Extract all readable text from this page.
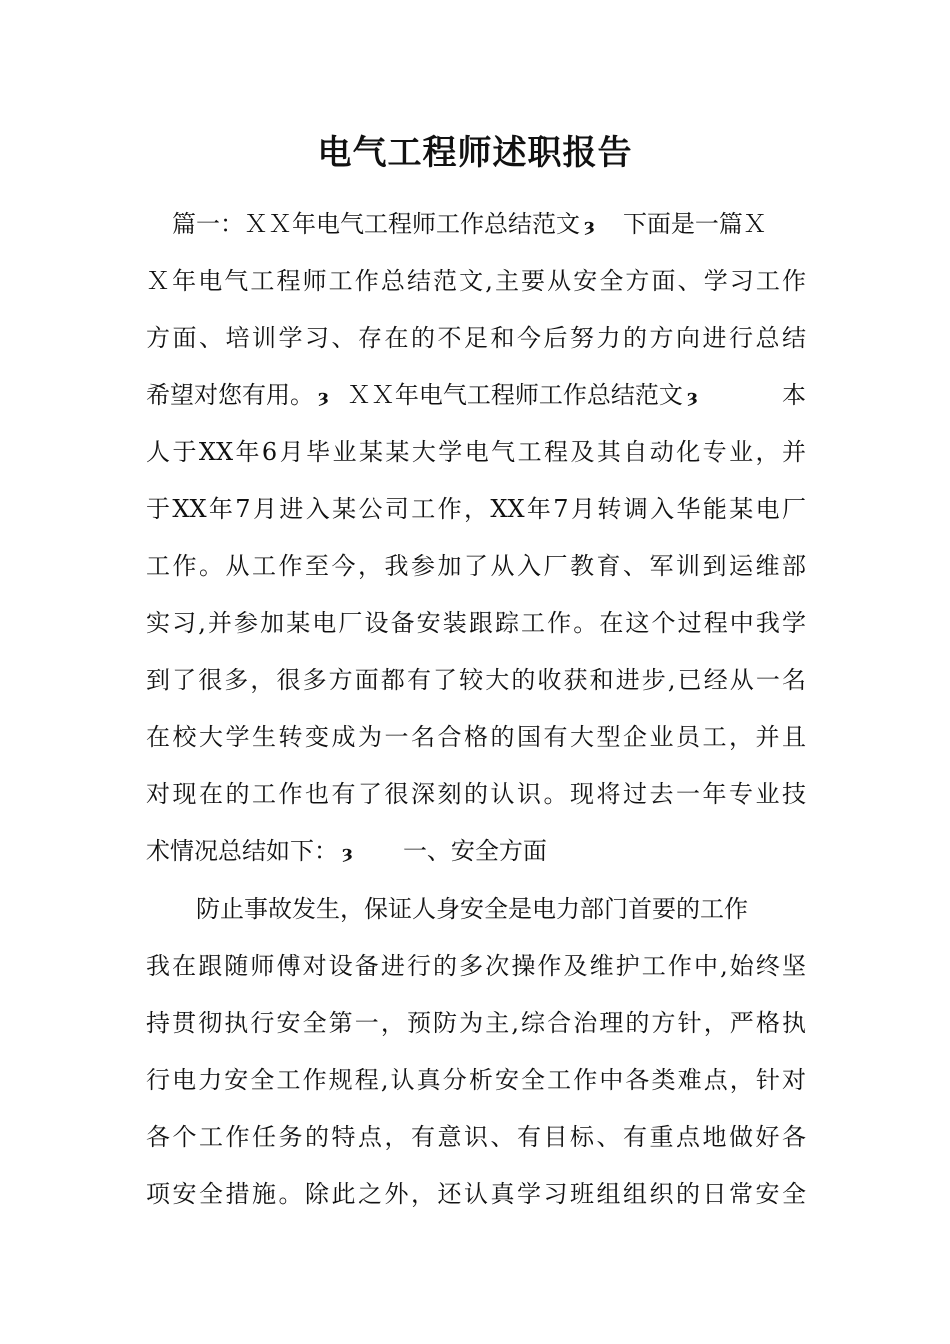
电气工程师述职报告
篇一：ＸＸ年电气工程师工作总结范文 ȝ 下面是一篇Ｘ
Ｘ年电气工程师工作总结范文,主要从安全方面、学习工作
方面、培训学习、存在的不足和今后努力的方向进行总结
希望对您有用。 ȝ ＸＸ年电气工程师工作总结范文 ȝ	本
人于XX年6月毕业某某大学电气工程及其自动化专业，并
于XX年7月进入某公司工作，XX年7月转调入华能某电厂
工作。从工作至今，我参加了从入厂教育、军训到运维部
实习,并参加某电厂设备安装跟踪工作。在这个过程中我学
到了很多，很多方面都有了较大的收获和进步,已经从一名
在校大学生转变成为一名合格的国有大型企业员工，并且
对现在的工作也有了很深刻的认识。现将过去一年专业技
术情况总结如下： ȝ 一、安全方面
防止事故发生，保证人身安全是电力部门首要的工作
我在跟随师傅对设备进行的多次操作及维护工作中,始终坚
持贯彻执行安全第一，预防为主,综合治理的方针，严格执
行电力安全工作规程,认真分析安全工作中各类难点，针对
各个工作任务的特点，有意识、有目标、有重点地做好各
项安全措施。除此之外，还认真学习班组组织的日常安全
